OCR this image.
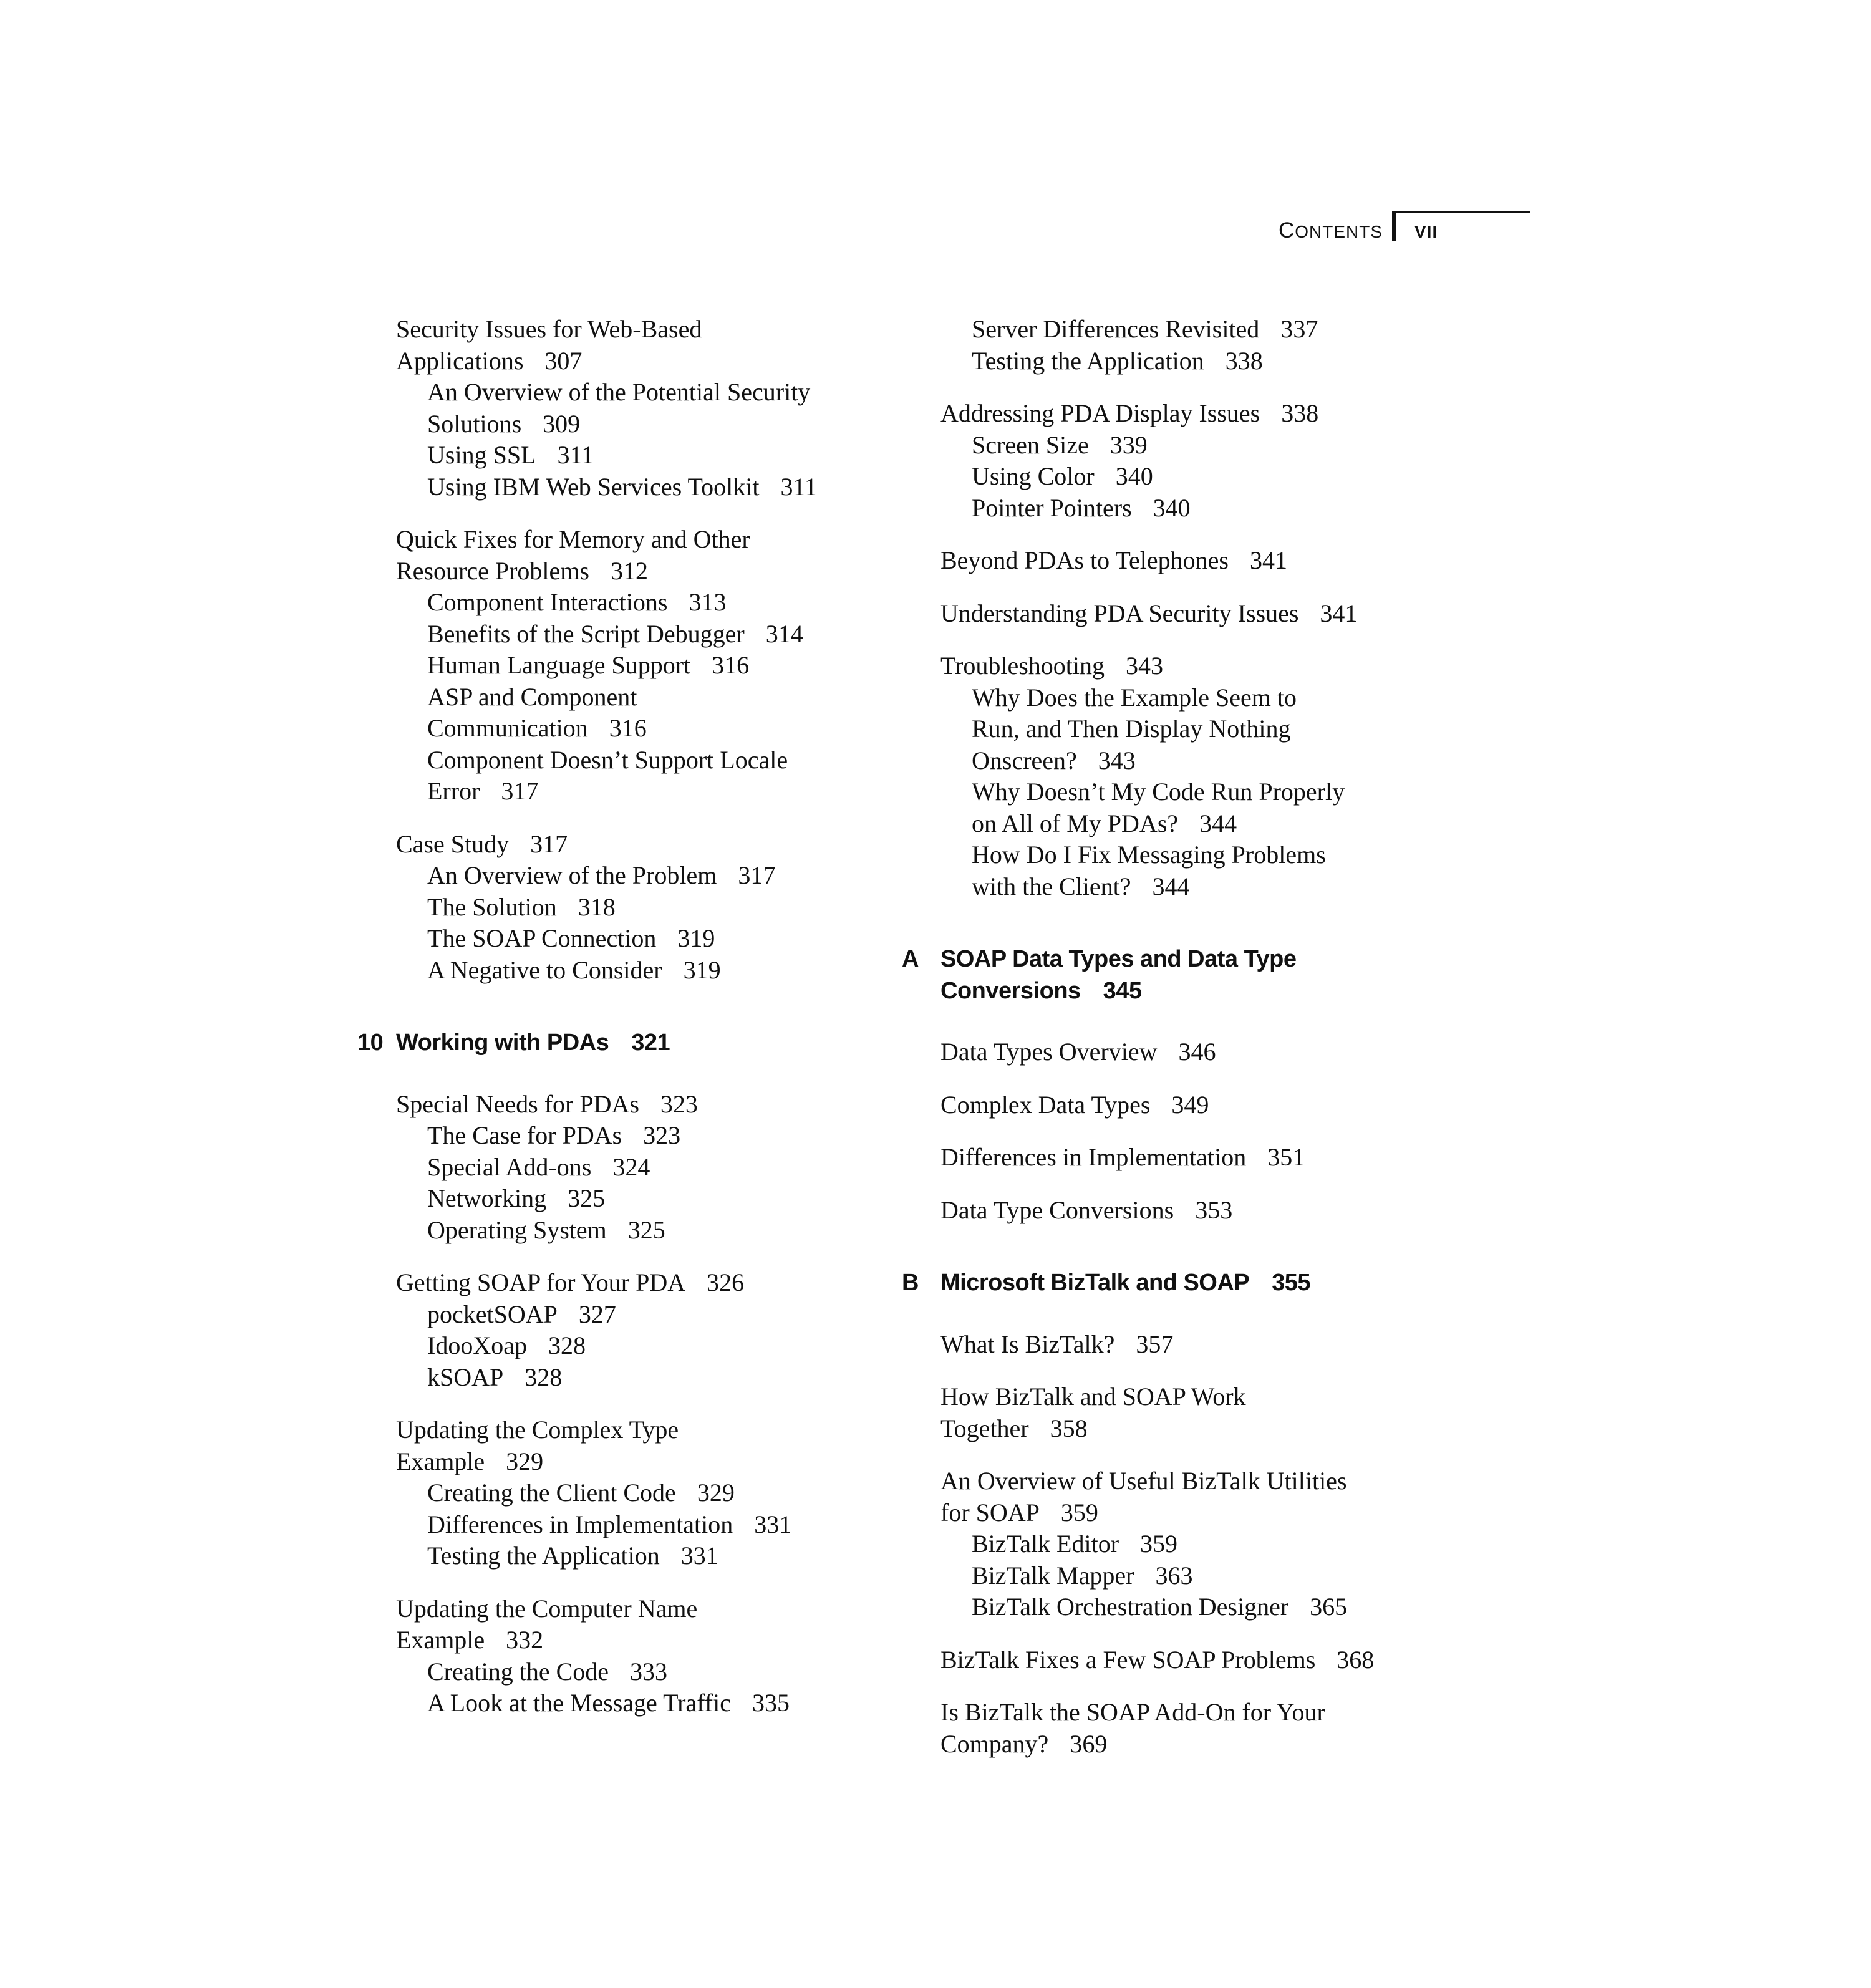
CONTENTS VII
Security Issues for Web-Based
Applications 307
An Overview of the Potential Security
Solutions 309
Using SSL 311
Using IBM Web Services Toolkit 311
Quick Fixes for Memory and Other
Resource Problems 312
Component Interactions 313
Benefits of the Script Debugger 314
Human Language Support 316
ASP and Component
Communication 316
Component Doesn’t Support Locale
Error 317
Case Study 317
An Overview of the Problem 317
The Solution 318
The SOAP Connection 319
A Negative to Consider 319
10 Working with PDAs 321
Special Needs for PDAs 323
The Case for PDAs 323
Special Add-ons 324
Networking 325
Operating System 325
Getting SOAP for Your PDA 326
pocketSOAP 327
IdooXoap 328
kSOAP 328
Updating the Complex Type
Example 329
Creating the Client Code 329
Differences in Implementation 331
Testing the Application 331
Updating the Computer Name
Example 332
Creating the Code 333
A Look at the Message Traffic 335
Server Differences Revisited 337
Testing the Application 338
Addressing PDA Display Issues 338
Screen Size 339
Using Color 340
Pointer Pointers 340
Beyond PDAs to Telephones 341
Understanding PDA Security Issues 341
Troubleshooting 343
Why Does the Example Seem to
Run, and Then Display Nothing
Onscreen? 343
Why Doesn’t My Code Run Properly
on All of My PDAs? 344
How Do I Fix Messaging Problems
with the Client? 344
A SOAP Data Types and Data Type
Conversions 345
Data Types Overview 346
Complex Data Types 349
Differences in Implementation 351
Data Type Conversions 353
B Microsoft BizTalk and SOAP 355
What Is BizTalk? 357
How BizTalk and SOAP Work
Together 358
An Overview of Useful BizTalk Utilities
for SOAP 359
BizTalk Editor 359
BizTalk Mapper 363
BizTalk Orchestration Designer 365
BizTalk Fixes a Few SOAP Problems 368
Is BizTalk the SOAP Add-On for Your
Company? 369
